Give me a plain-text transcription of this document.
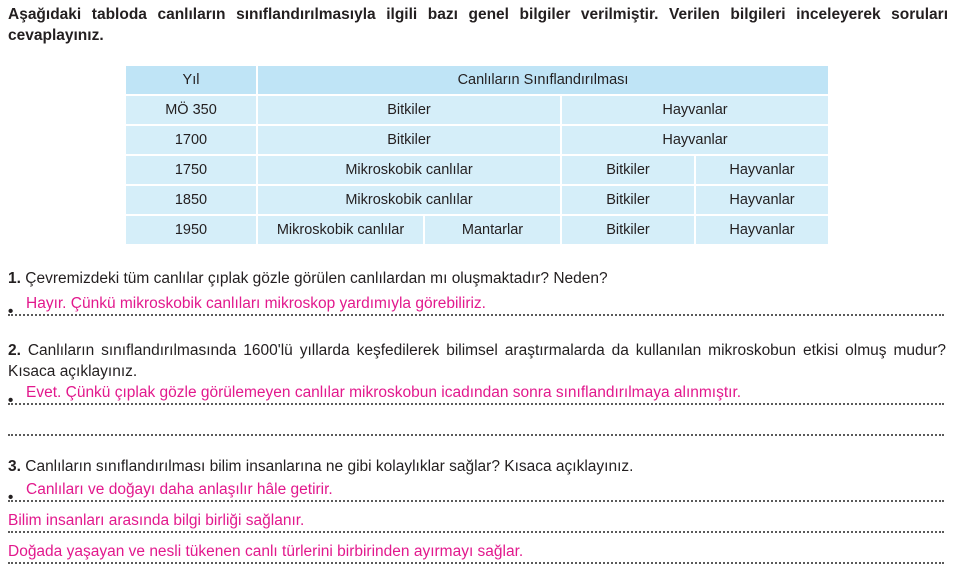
Aşağıdaki tabloda canlıların sınıflandırılmasıyla ilgili bazı genel bilgiler verilmiştir. Verilen bilgileri inceleyerek soruları cevaplayınız.
Yıl	Canlıların Sınıflandırılması			
MÖ 350	Bitkiler		Hayvanlar	
1700	Bitkiler		Hayvanlar	
1750	Mikroskobik canlılar		Bitkiler	Hayvanlar
1850	Mikroskobik canlılar		Bitkiler	Hayvanlar
1950	Mikroskobik canlılar	Mantarlar	Bitkiler	Hayvanlar
1. Çevremizdeki tüm canlılar çıplak gözle görülen canlılardan mı oluşmaktadır? Neden?
• Hayır. Çünkü mikroskobik canlıları mikroskop yardımıyla görebiliriz.
2. Canlıların sınıflandırılmasında 1600'lü yıllarda keşfedilerek bilimsel araştırmalarda da kullanılan mikroskobun etkisi olmuş mudur? Kısaca açıklayınız.
• Evet. Çünkü çıplak gözle görülemeyen canlılar mikroskobun icadından sonra sınıflandırılmaya alınmıştır.
3. Canlıların sınıflandırılması bilim insanlarına ne gibi kolaylıklar sağlar? Kısaca açıklayınız.
• Canlıları ve doğayı daha anlaşılır hâle getirir.
Bilim insanları arasında bilgi birliği sağlanır.
Doğada yaşayan ve nesli tükenen canlı türlerini birbirinden ayırmayı sağlar.
